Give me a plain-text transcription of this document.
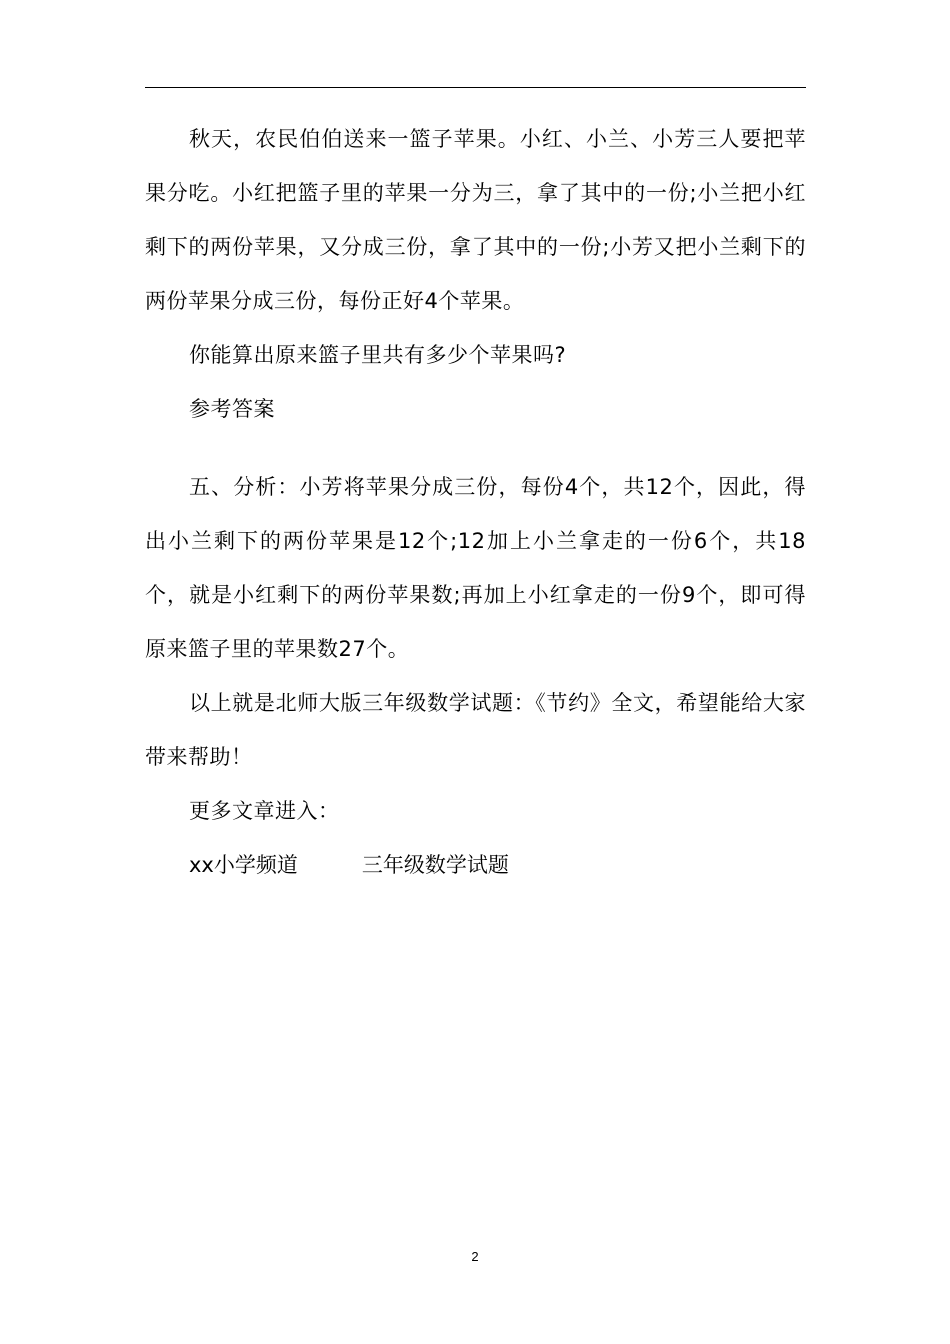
秋天，农民伯伯送来一篮子苹果。小红、小兰、小芳三人要把苹果分吃。小红把篮子里的苹果一分为三，拿了其中的一份;小兰把小红剩下的两份苹果，又分成三份，拿了其中的一份;小芳又把小兰剩下的两份苹果分成三份，每份正好4个苹果。

你能算出原来篮子里共有多少个苹果吗?

参考答案

五、分析：小芳将苹果分成三份，每份4个，共12个，因此，得出小兰剩下的两份苹果是12个;12加上小兰拿走的一份6个，共18个，就是小红剩下的两份苹果数;再加上小红拿走的一份9个，即可得原来篮子里的苹果数27个。

以上就是北师大版三年级数学试题：《节约》全文，希望能给大家带来帮助！

更多文章进入：

xx小学频道	三年级数学试题

2
